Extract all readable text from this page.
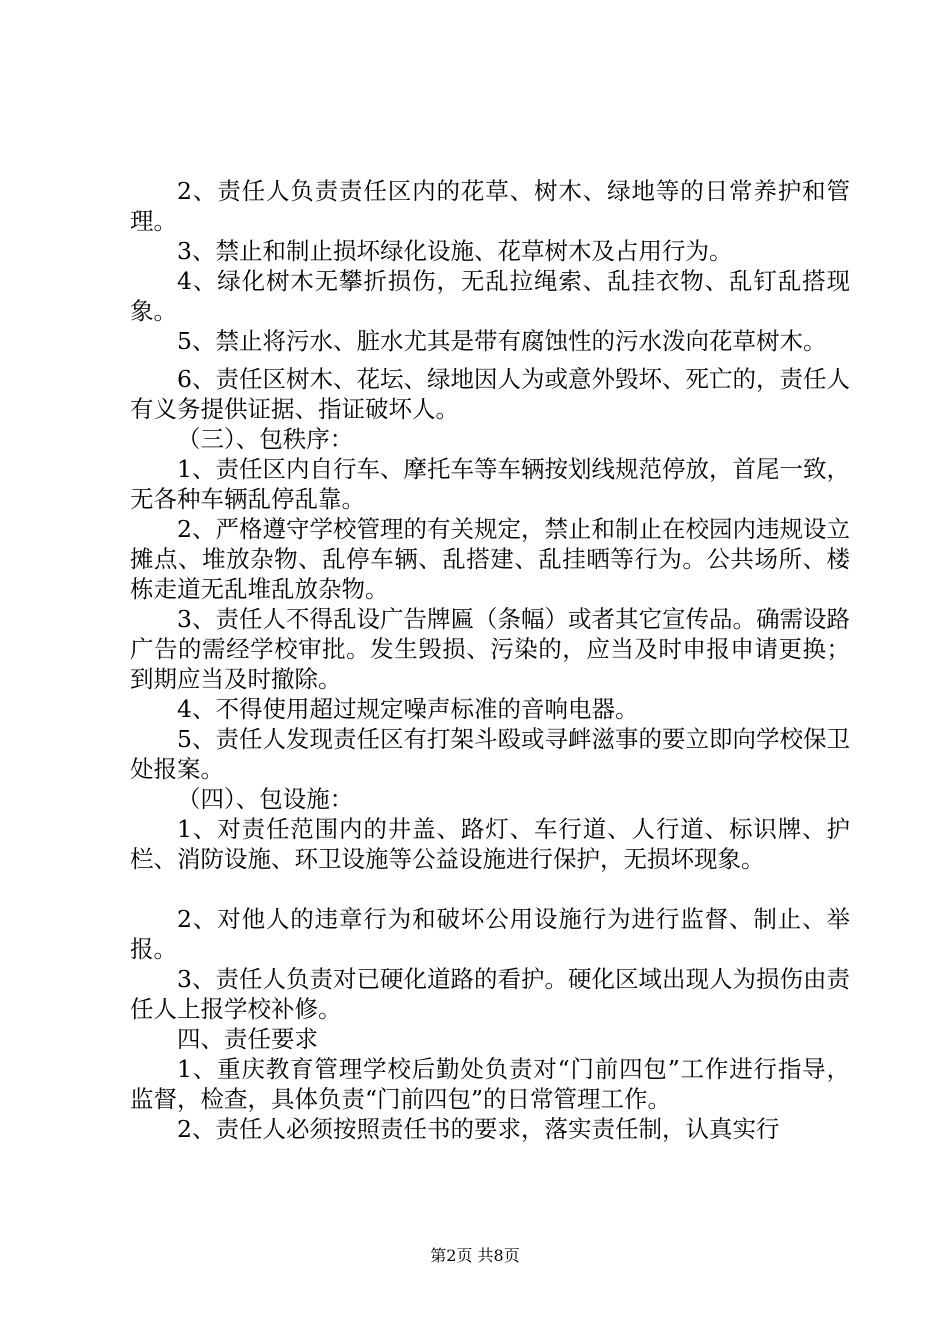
2、责任人负责责任区内的花草、树木、绿地等的日常养护和管理。

3、禁止和制止损坏绿化设施、花草树木及占用行为。

4、绿化树木无攀折损伤，无乱拉绳索、乱挂衣物、乱钉乱搭现象。

5、禁止将污水、脏水尤其是带有腐蚀性的污水泼向花草树木。

6、责任区树木、花坛、绿地因人为或意外毁坏、死亡的，责任人有义务提供证据、指证破坏人。

（三）、包秩序：

1、责任区内自行车、摩托车等车辆按划线规范停放，首尾一致，无各种车辆乱停乱靠。

2、严格遵守学校管理的有关规定，禁止和制止在校园内违规设立摊点、堆放杂物、乱停车辆、乱搭建、乱挂晒等行为。公共场所、楼栋走道无乱堆乱放杂物。

3、责任人不得乱设广告牌匾（条幅）或者其它宣传品。确需设路广告的需经学校审批。发生毁损、污染的，应当及时申报申请更换；到期应当及时撤除。

4、不得使用超过规定噪声标准的音响电器。

5、责任人发现责任区有打架斗殴或寻衅滋事的要立即向学校保卫处报案。

（四）、包设施：

1、对责任范围内的井盖、路灯、车行道、人行道、标识牌、护栏、消防设施、环卫设施等公益设施进行保护，无损坏现象。

2、对他人的违章行为和破坏公用设施行为进行监督、制止、举报。

3、责任人负责对已硬化道路的看护。硬化区域出现人为损伤由责任人上报学校补修。

四、责任要求

1、重庆教育管理学校后勤处负责对“门前四包”工作进行指导，监督，检查，具体负责“门前四包”的日常管理工作。

2、责任人必须按照责任书的要求，落实责任制，认真实行

第2页 共8页
